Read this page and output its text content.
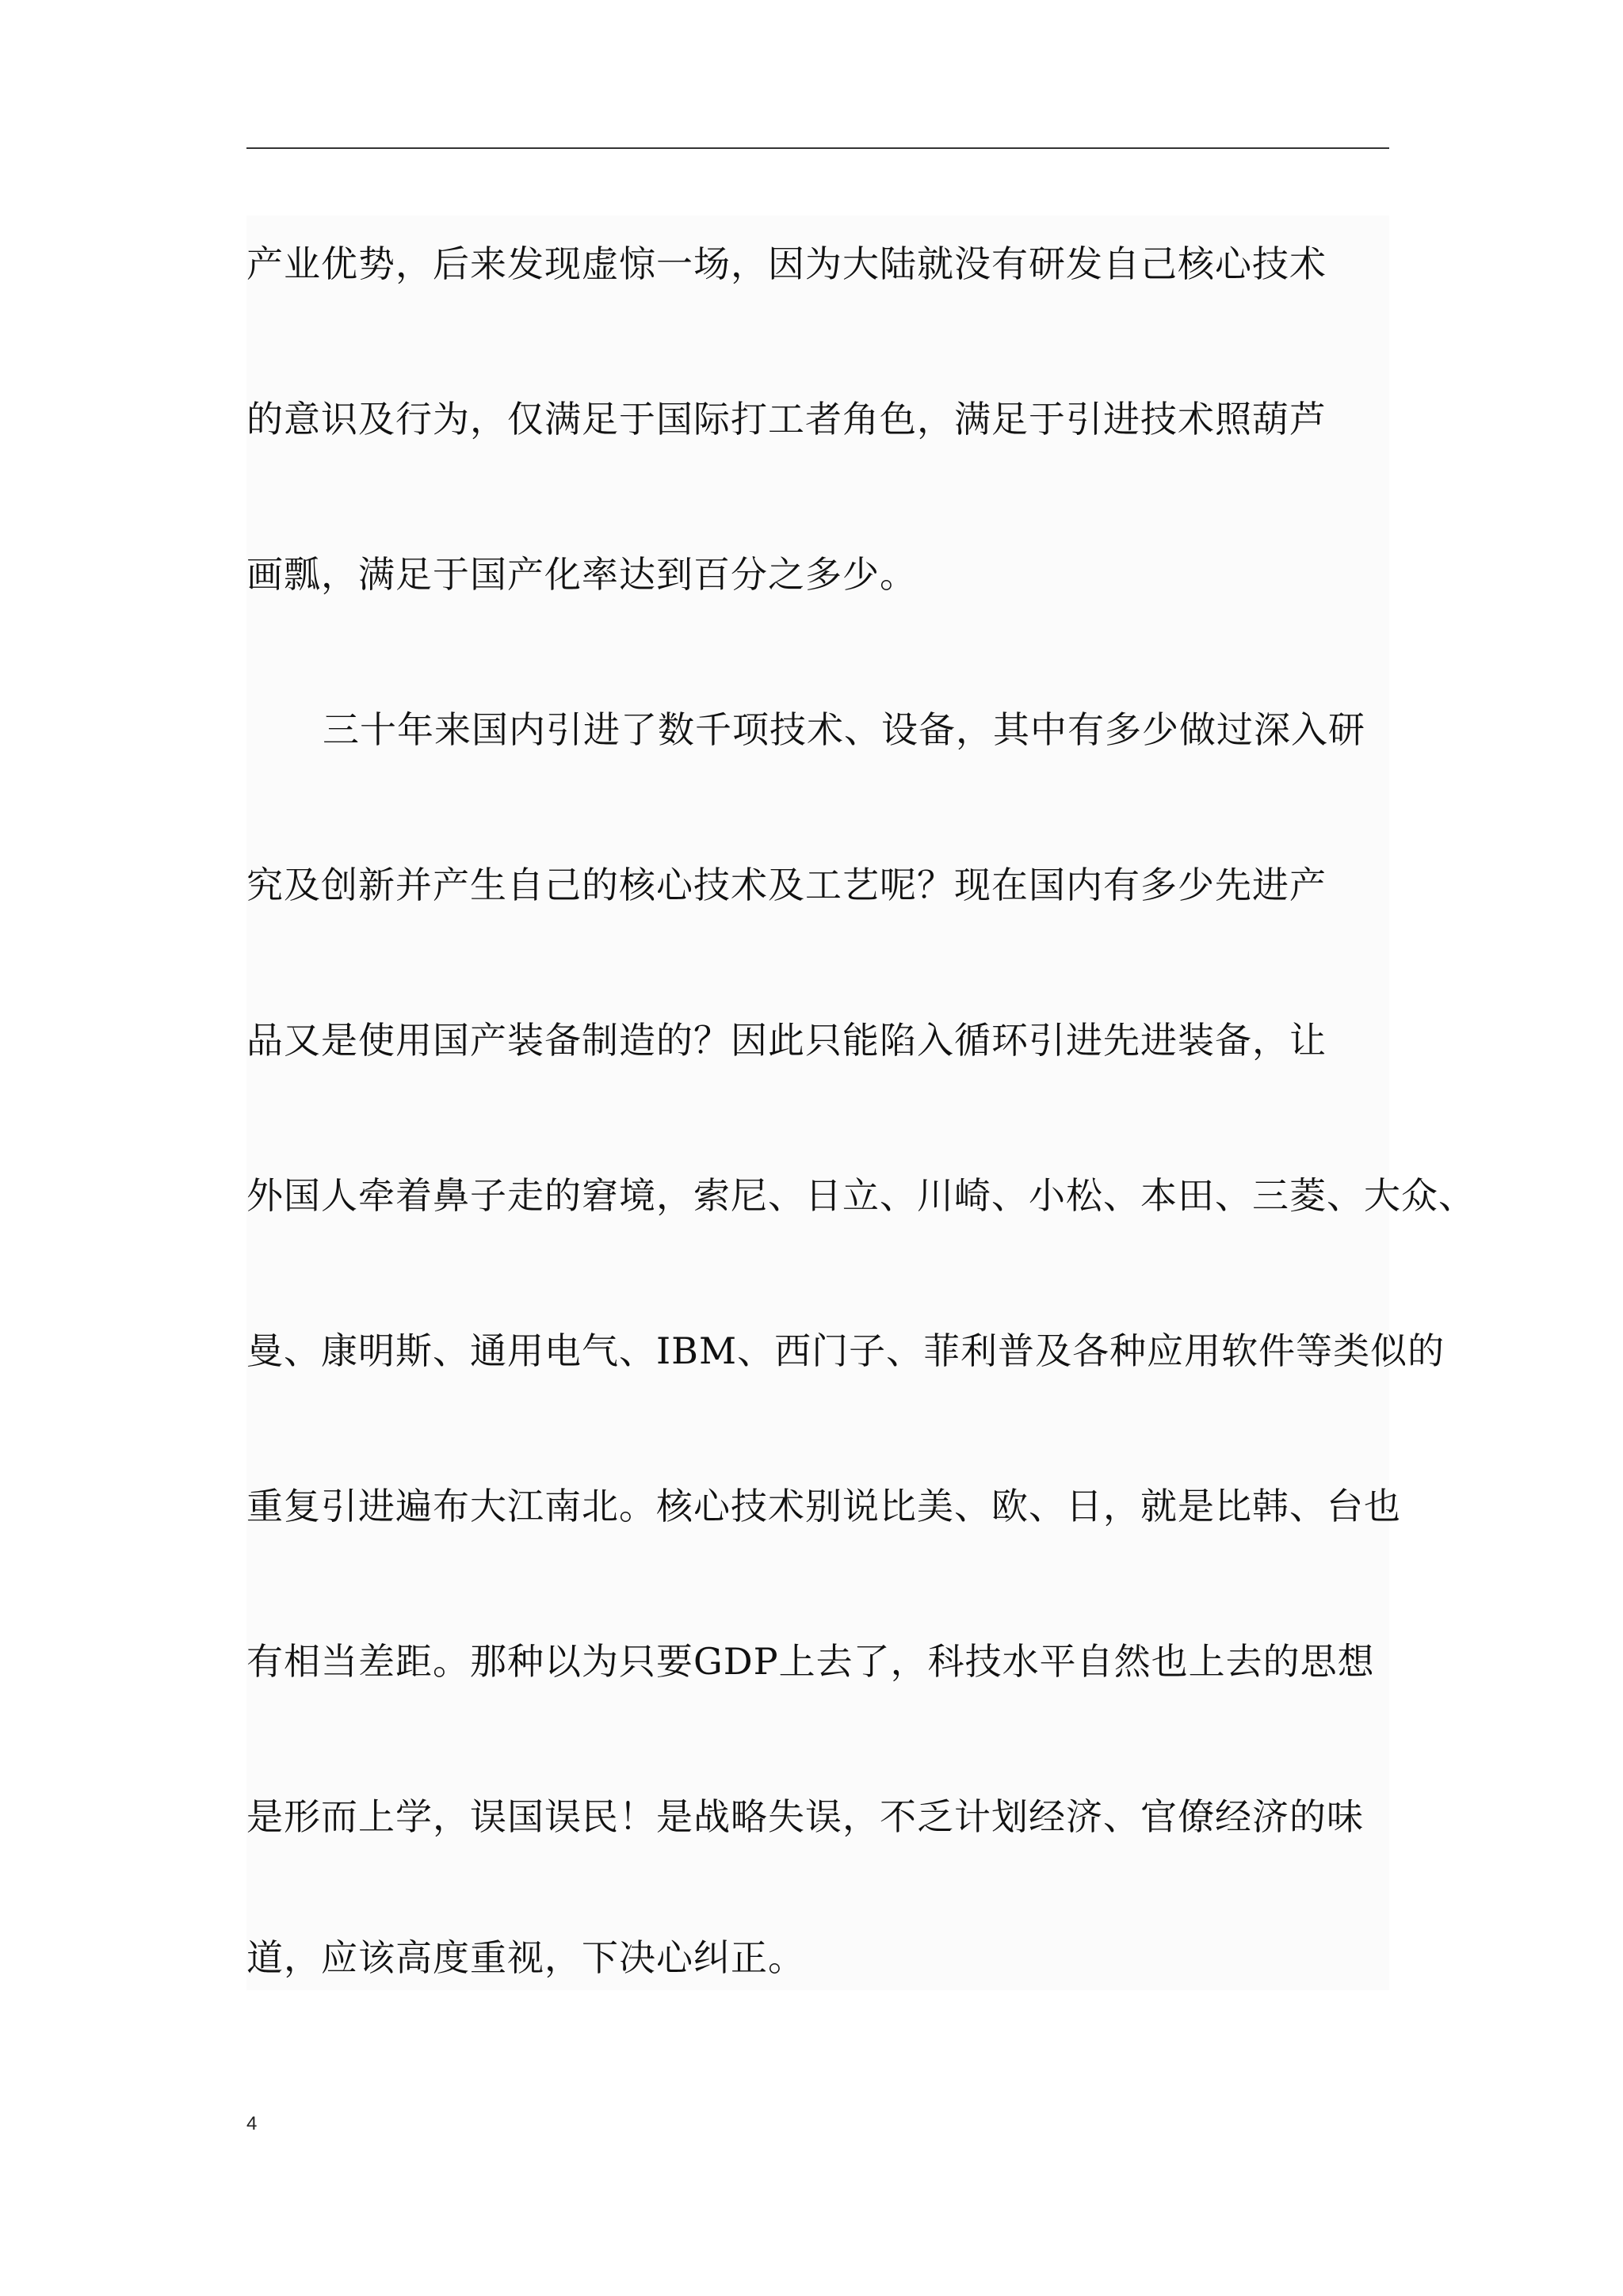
产业优势，后来发现虚惊一场，因为大陆就没有研发自己核心技术
的意识及行为，仅满足于国际打工者角色，满足于引进技术照葫芦
画瓢，满足于国产化率达到百分之多少。
三十年来国内引进了数千项技术、设备，其中有多少做过深入研
究及创新并产生自己的核心技术及工艺呢？现在国内有多少先进产
品又是使用国产装备制造的？因此只能陷入循环引进先进装备，让
外国人牵着鼻子走的窘境，索尼、日立、川崎、小松、本田、三菱、大众、
曼、康明斯、通用电气、IBM、西门子、菲利普及各种应用软件等类似的
重复引进遍布大江南北。核心技术别说比美、欧、日，就是比韩、台也
有相当差距。那种以为只要GDP上去了，科技水平自然也上去的思想
是形而上学，误国误民！是战略失误，不乏计划经济、官僚经济的味
道，应该高度重视，下决心纠正。
4
